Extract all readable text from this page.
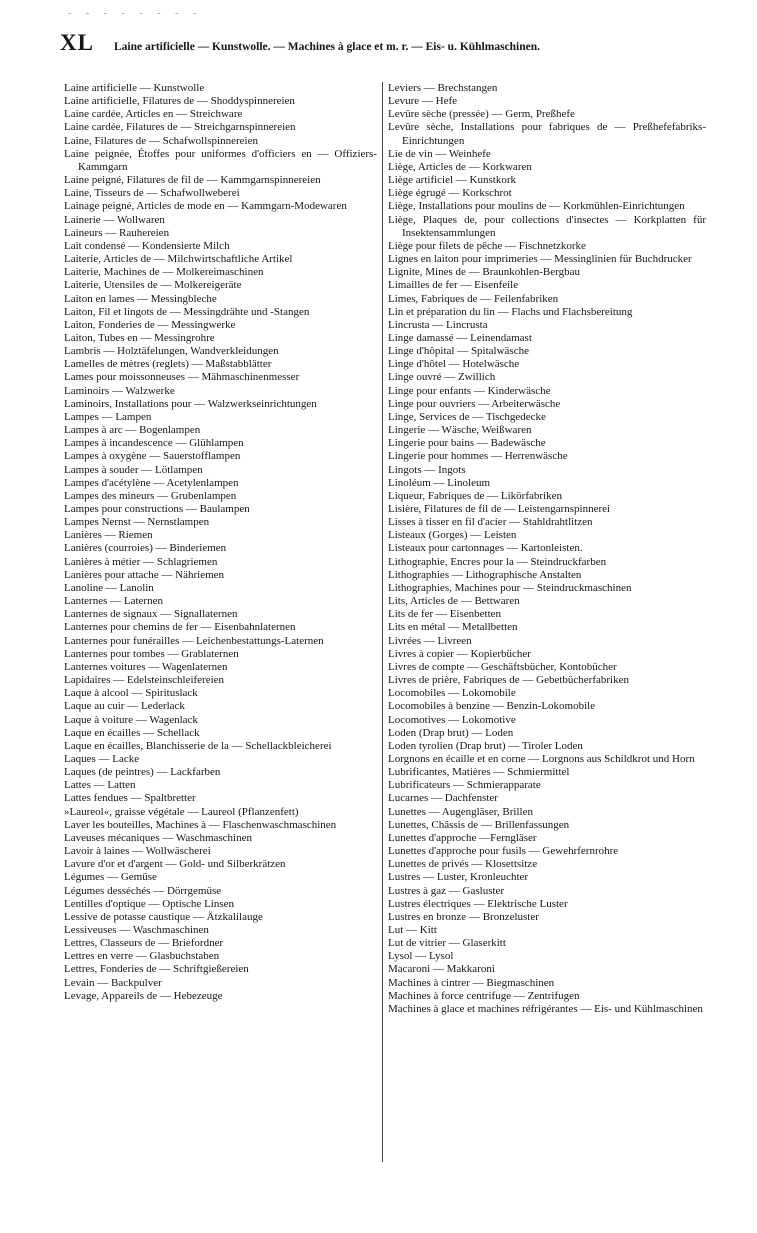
- - - - - - - -
XL	Laine artificielle — Kunstwolle. — Machines à glace et m. r. — Eis- u. Kühlmaschinen.

Laine artificielle — Kunstwolle

Laine artificielle, Filatures de — Shoddyspinnereien

Laine cardée, Articles en — Streichware

Laine cardée, Filatures de — Streichgarnspinnereien

Laine, Filatures de — Schafwollspinnereien

Laine peignée, Étoffes pour uniformes d'officiers en — Offiziers-Kammgarn

Laine peigné, Filatures de fil de — Kammgarnspinnereien

Laine, Tisseurs de — Schafwollweberei

Lainage peigné, Articles de mode en — Kammgarn-Modewaren

Lainerie — Wollwaren

Laineurs — Rauhereien

Lait condensé — Kondensierte Milch

Laiterie, Articles de — Milchwirtschaftliche Artikel

Laiterie, Machines de — Molkereimaschinen

Laiterie, Utensiles de — Molkereigeräte

Laiton en lames — Messingbleche

Laiton, Fil et lingots de — Messingdrähte und -Stangen

Laiton, Fonderies de — Messingwerke

Laiton, Tubes en — Messingrohre

Lambris — Holztäfelungen, Wandverkleidungen

Lamelles de mètres (reglets) — Maßstabblätter

Lames pour moissonneuses — Mähmaschinenmesser

Laminoirs — Walzwerke

Laminoirs, Installations pour — Walzwerkseinrichtungen

Lampes — Lampen

Lampes à arc — Bogenlampen

Lampes à incandescence — Glühlampen

Lampes à oxygène — Sauerstofflampen

Lampes à souder — Lötlampen

Lampes d'acétylène — Acetylenlampen

Lampes des mineurs — Grubenlampen

Lampes pour constructions — Baulampen

Lampes Nernst — Nernstlampen

Lanières — Riemen

Lanières (courroies) — Binderiemen

Lanières à métier — Schlagriemen

Lanières pour attache — Nähriemen

Lanoline — Lanolin

Lanternes — Laternen

Lanternes de signaux — Signallaternen

Lanternes pour chemins de fer — Eisenbahnlaternen

Lanternes pour funérailles — Leichenbestattungs-Laternen

Lanternes pour tombes — Grablaternen

Lanternes voitures — Wagenlaternen

Lapidaires — Edelsteinschleifereien

Laque à alcool — Spirituslack

Laque au cuir — Lederlack

Laque à voiture — Wagenlack

Laque en écailles — Schellack

Laque en écailles, Blanchisserie de la — Schellackbleicherei

Laques — Lacke

Laques (de peintres) — Lackfarben

Lattes — Latten

Lattes fendues — Spaltbretter

»Laureol«, graisse végétale — Laureol (Pflanzenfett)

Laver les bouteilles, Machines à — Flaschenwaschmaschinen

Laveuses mécaniques — Waschmaschinen

Lavoir à laines — Wollwäscherei

Lavure d'or et d'argent — Gold- und Silberkrätzen

Légumes — Gemüse

Légumes desséchés — Dörrgemüse

Lentilles d'optique — Optische Linsen

Lessive de potasse caustique — Ätzkalilauge

Lessiveuses — Waschmaschinen

Lettres, Classeurs de — Briefordner

Lettres en verre — Glasbuchstaben

Lettres, Fonderies de — Schriftgießereien

Levain — Backpulver

Levage, Appareils de — Hebezeuge

Leviers — Brechstangen

Levure — Hefe

Levûre sèche (pressée) — Germ, Preßhefe

Levûre sèche, Installations pour fabriques de — Preßhefefabriks-Einrichtungen

Lie de vin — Weinhefe

Liège, Articles de — Korkwaren

Liège artificiel — Kunstkork

Liège égrugé — Korkschrot

Liège, Installations pour moulins de — Korkmühlen-Einrichtungen

Liège, Plaques de, pour collections d'insectes — Korkplatten für Insektensammlungen

Liège pour filets de pêche — Fischnetzkorke

Lignes en laiton pour imprimeries — Messinglinien für Buchdrucker

Lignite, Mines de — Braunkohlen-Bergbau

Limailles de fer — Eisenfeile

Limes, Fabriques de — Feilenfabriken

Lin et préparation du lin — Flachs und Flachsbereitung

Lincrusta — Lincrusta

Linge damassé — Leinendamast

Linge d'hôpital — Spitalwäsche

Linge d'hôtel — Hotelwäsche

Linge ouvré — Zwillich

Linge pour enfants — Kinderwäsche

Linge pour ouvriers — Arbeiterwäsche

Linge, Services de — Tischgedecke

Lingerie — Wäsche, Weißwaren

Lingerie pour bains — Badewäsche

Lingerie pour hommes — Herrenwäsche

Lingots — Ingots

Linoléum — Linoleum

Liqueur, Fabriques de — Likörfabriken

Lisière, Filatures de fil de — Leistengarnspinnerei

Lisses à tisser en fil d'acier — Stahldrahtlitzen

Listeaux (Gorges) — Leisten

Listeaux pour cartonnages — Kartonleisten.

Lithographie, Encres pour la — Steindruckfarben

Lithographies — Lithographische Anstalten

Lithographies, Machines pour — Steindruckmaschinen

Lits, Articles de — Bettwaren

Lits de fer — Eisenbetten

Lits en métal — Metallbetten

Livrées — Livreen

Livres à copier — Kopierbücher

Livres de compte — Geschäftsbücher, Kontobücher

Livres de prière, Fabriques de — Gebetbücherfabriken

Locomobiles — Lokomobile

Locomobiles à benzine — Benzin-Lokomobile

Locomotives — Lokomotive

Loden (Drap brut) — Loden

Loden tyrolien (Drap brut) — Tiroler Loden

Lorgnons en écaille et en corne — Lorgnons aus Schildkrot und Horn

Lubrificantes, Matières — Schmiermittel

Lubrificateurs — Schmierapparate

Lucarnes — Dachfenster

Lunettes — Augengläser, Brillen

Lunettes, Châssis de — Brillenfassungen

Lunettes d'approche —Ferngläser

Lunettes d'approche pour fusils — Gewehrfernrohre

Lunettes de privés — Klosettsitze

Lustres — Luster, Kronleuchter

Lustres à gaz — Gasluster

Lustres électriques — Elektrische Luster

Lustres en bronze — Bronzeluster

Lut — Kitt

Lut de vitrier — Glaserkitt

Lysol — Lysol

Macaroni — Makkaroni

Machines à cintrer — Biegmaschinen

Machines à force centrifuge — Zentrifugen

Machines à glace et machines réfrigérantes — Eis- und Kühlmaschinen
